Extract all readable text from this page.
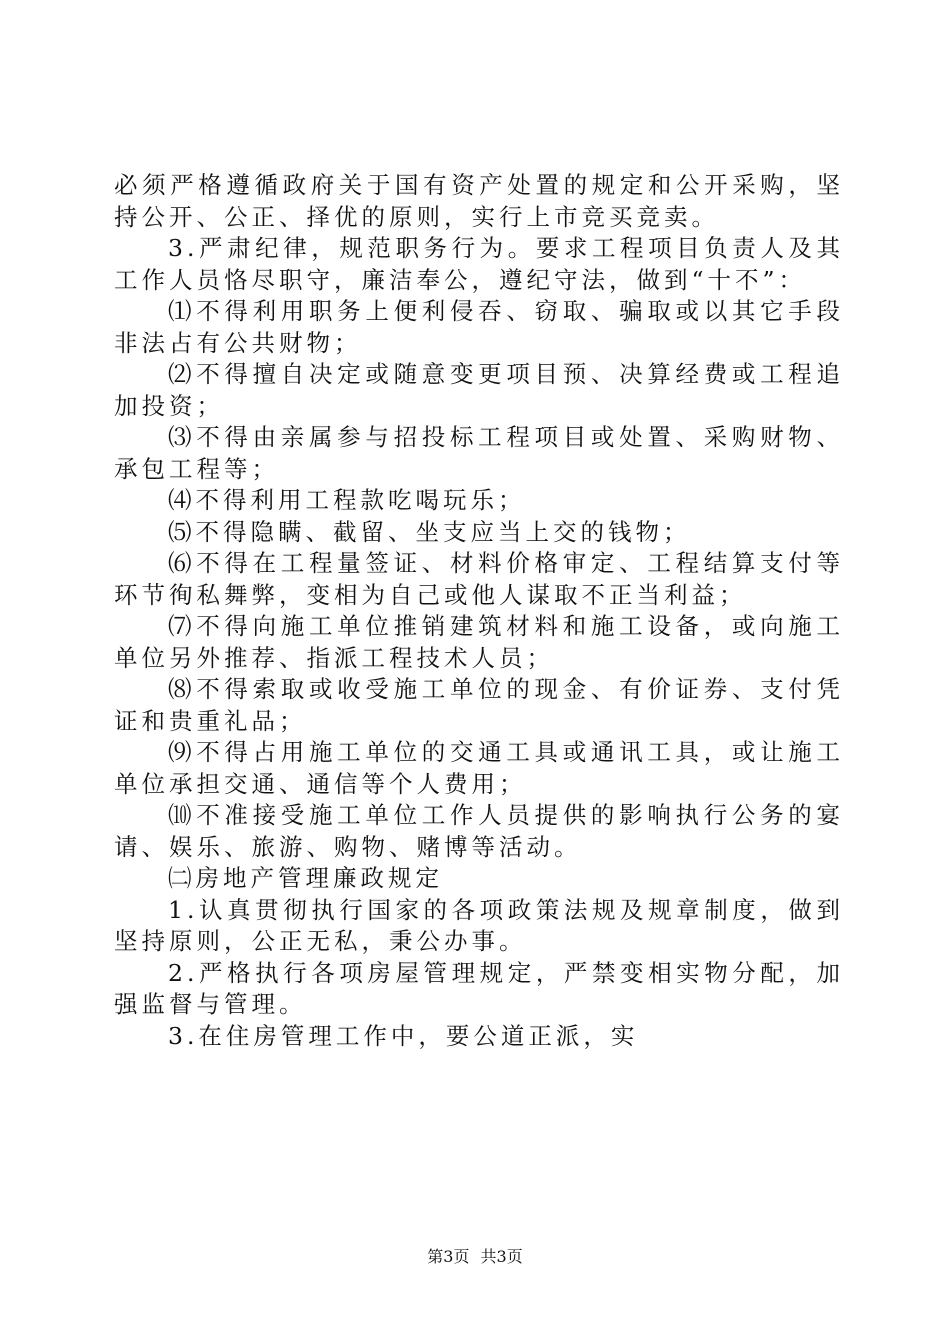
必须严格遵循政府关于国有资产处置的规定和公开采购，坚持公开、公正、择优的原则，实行上市竞买竞卖。

3.严肃纪律，规范职务行为。要求工程项目负责人及其工作人员恪尽职守，廉洁奉公，遵纪守法，做到“十不”：

⑴不得利用职务上便利侵吞、窃取、骗取或以其它手段非法占有公共财物；

⑵不得擅自决定或随意变更项目预、决算经费或工程追加投资；

⑶不得由亲属参与招投标工程项目或处置、采购财物、承包工程等；

⑷不得利用工程款吃喝玩乐；

⑸不得隐瞒、截留、坐支应当上交的钱物；

⑹不得在工程量签证、材料价格审定、工程结算支付等环节徇私舞弊，变相为自己或他人谋取不正当利益；

⑺不得向施工单位推销建筑材料和施工设备，或向施工单位另外推荐、指派工程技术人员；

⑻不得索取或收受施工单位的现金、有价证券、支付凭证和贵重礼品；

⑼不得占用施工单位的交通工具或通讯工具，或让施工单位承担交通、通信等个人费用；

⑽不准接受施工单位工作人员提供的影响执行公务的宴请、娱乐、旅游、购物、赌博等活动。

㈡房地产管理廉政规定

1.认真贯彻执行国家的各项政策法规及规章制度，做到坚持原则，公正无私，秉公办事。

2.严格执行各项房屋管理规定，严禁变相实物分配，加强监督与管理。

3.在住房管理工作中，要公道正派，实

第3页 共3页
